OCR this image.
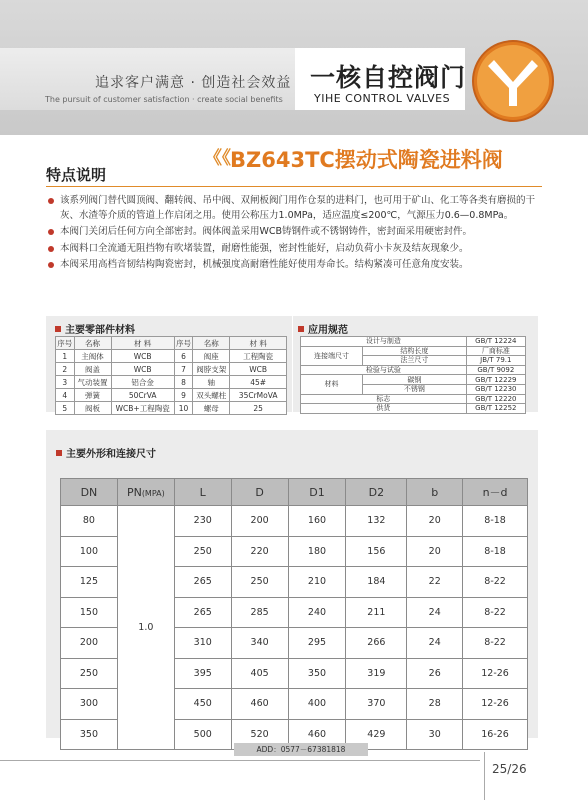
追求客户满意 · 创造社会效益
The pursuit of customer satisfaction · create social benefits
一核自控阀门
YIHE CONTROL VALVES
《《 BZ643TC摆动式陶瓷进料阀
特点说明
该系列阀门替代圆顶阀、翻转阀、吊中阀、双闸板阀门用作仓泵的进料门，也可用于矿山、化工等各类有磨损的干灰、水渣等介质的管道上作启闭之用。使用公称压力1.0MPa，适应温度≤200℃，气源压力0.6—0.8MPa。
本阀门关闭后任何方向全部密封。阀体阀盖采用WCB铸钢件或不锈钢铸件，密封面采用硬密封件。
本阀料口全流通无阻挡物有吹堵装置，耐磨性能强，密封性能好，启动负荷小卡灰及结灰现象少。
本阀采用高档音韧结构陶瓷密封，机械强度高耐磨性能好使用寿命长。结构紧凑可任意角度安装。
主要零部件材料
序号	名称	材 料	序号	名称	材 料
1	主阀体	WCB	6	阀座	工程陶瓷
2	阀盖	WCB	7	阀脖支架	WCB
3	气动装置	铝合金	8	轴	45#
4	弹簧	50CrVA	9	双头螺柱	35CrMoVA
5	阀板	WCB+工程陶瓷	10	螺母	25
应用规范
设计与制造		GB/T 12224
连接端尺寸	结构长度	厂商标准
	法兰尺寸	JB/T 79.1
检验与试验		GB/T 9092
材料	碳钢	GB/T 12229
	不锈钢	GB/T 12230
标志		GB/T 12220
供货		GB/T 12252
主要外形和连接尺寸
DN	PN(MPA)	L	D	D1	D2	b	n－d
80	1.0	230	200	160	132	20	8-18
100		250	220	180	156	20	8-18
125		265	250	210	184	22	8-22
150		265	285	240	211	24	8-22
200		310	340	295	266	24	8-22
250		395	405	350	319	26	12-26
300		450	460	400	370	28	12-26
350		500	520	460	429	30	16-26
ADD：0577－67381818
25/26
